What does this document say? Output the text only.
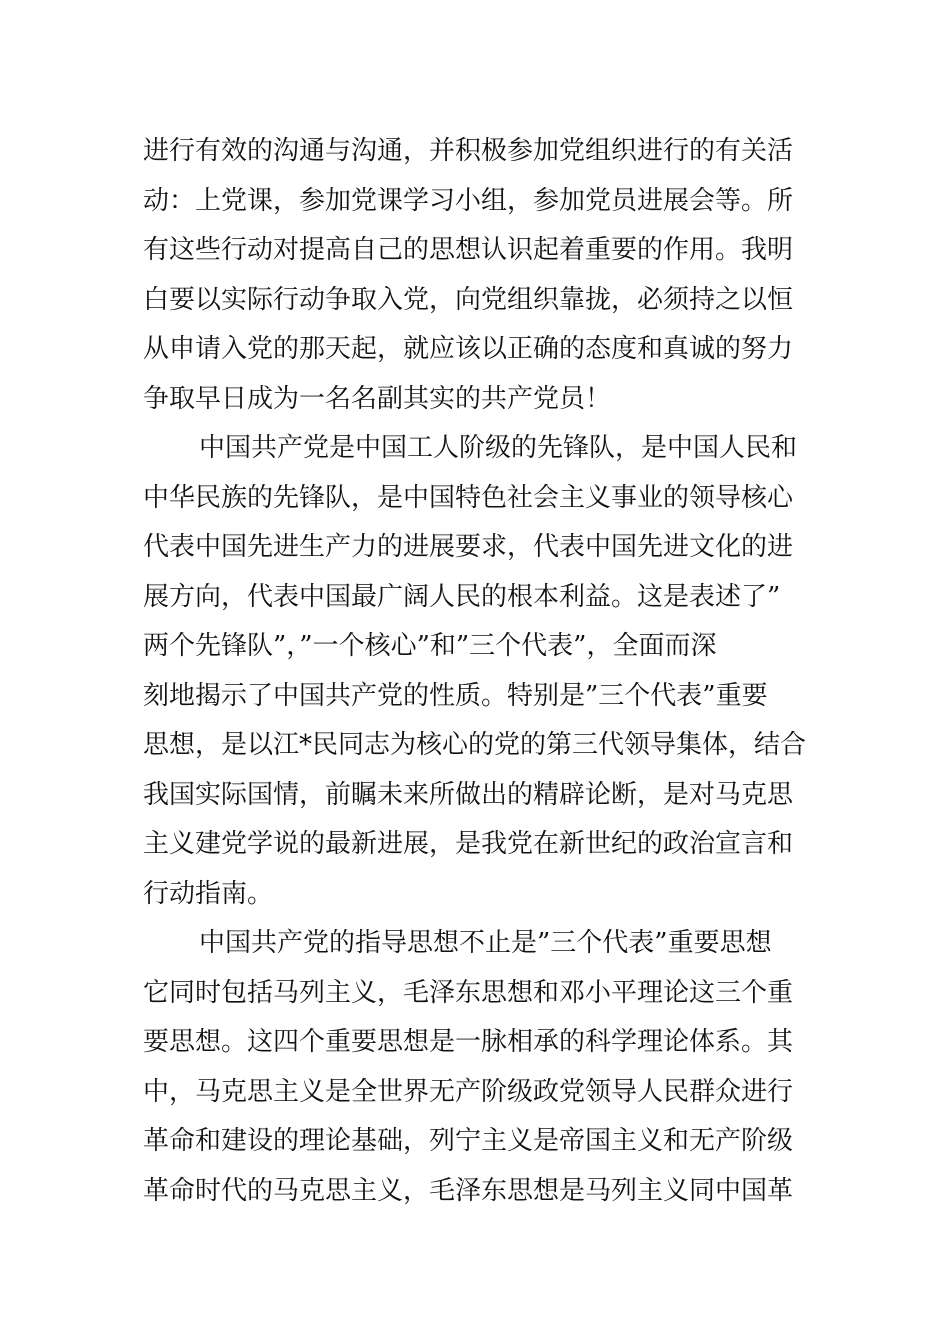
进行有效的沟通与沟通，并积极参加党组织进行的有关活
动：上党课，参加党课学习小组，参加党员进展会等。所
有这些行动对提高自己的思想认识起着重要的作用。我明
白要以实际行动争取入党，向党组织靠拢，必须持之以恒
从申请入党的那天起，就应该以正确的态度和真诚的努力
争取早日成为一名名副其实的共产党员！
中国共产党是中国工人阶级的先锋队，是中国人民和
中华民族的先锋队，是中国特色社会主义事业的领导核心
代表中国先进生产力的进展要求，代表中国先进文化的进
展方向，代表中国最广阔人民的根本利益。这是表述了”
两个先锋队”，”一个核心”和”三个代表”，全面而深
刻地揭示了中国共产党的性质。特别是”三个代表”重要
思想，是以江*民同志为核心的党的第三代领导集体，结合
我国实际国情，前瞩未来所做出的精辟论断，是对马克思
主义建党学说的最新进展，是我党在新世纪的政治宣言和
行动指南。
中国共产党的指导思想不止是”三个代表”重要思想
它同时包括马列主义，毛泽东思想和邓小平理论这三个重
要思想。这四个重要思想是一脉相承的科学理论体系。其
中，马克思主义是全世界无产阶级政党领导人民群众进行
革命和建设的理论基础，列宁主义是帝国主义和无产阶级
革命时代的马克思主义，毛泽东思想是马列主义同中国革
